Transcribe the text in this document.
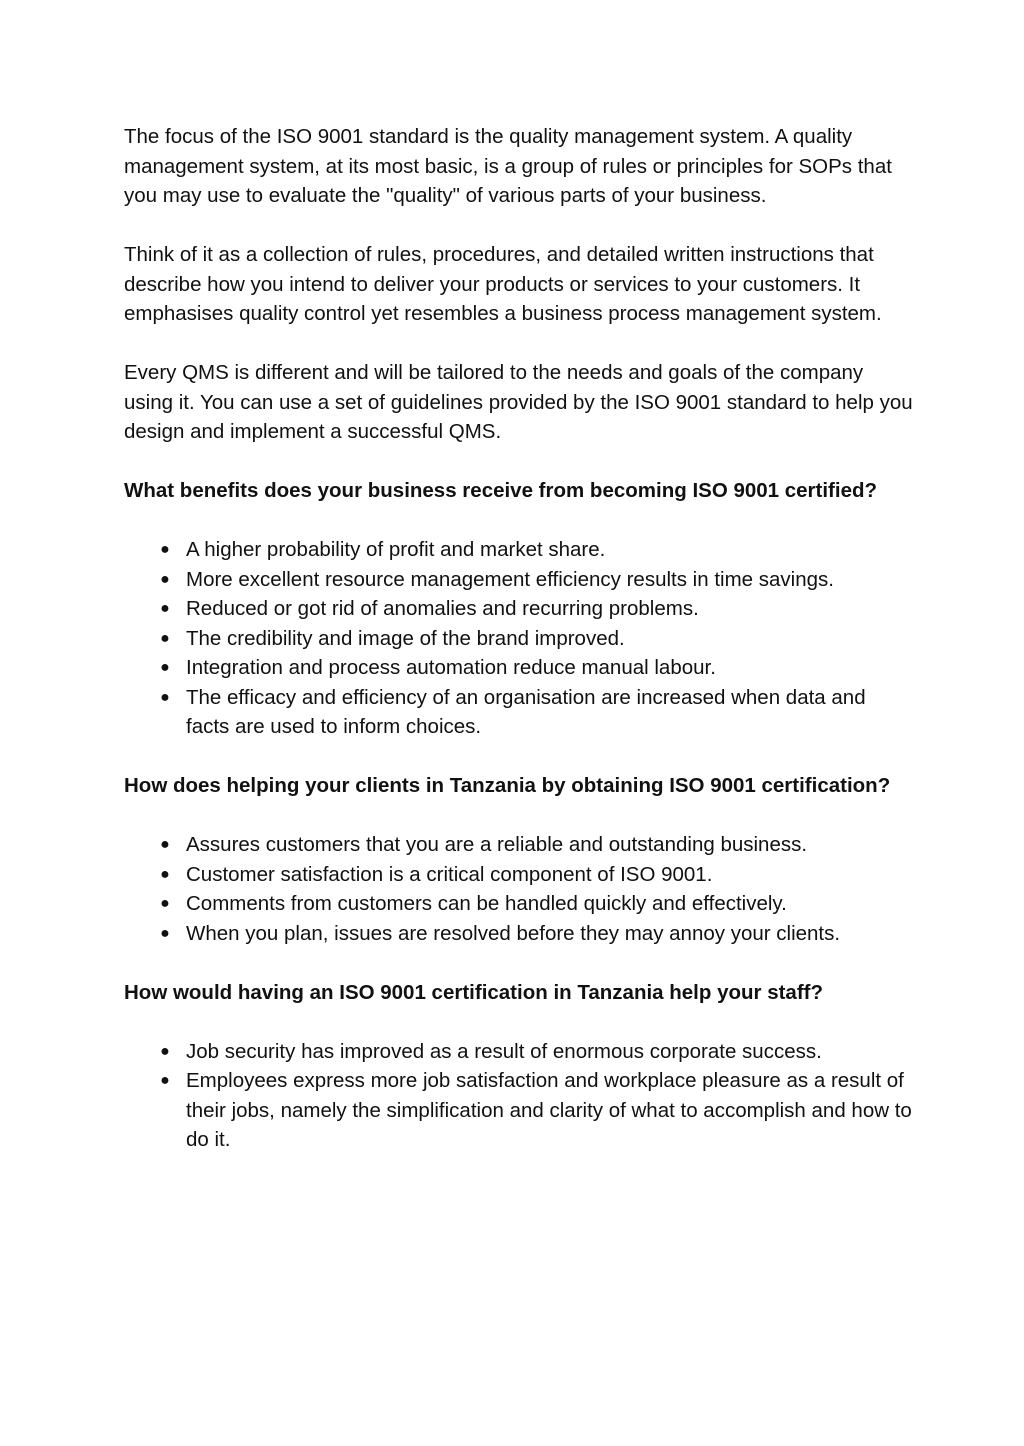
The focus of the ISO 9001 standard is the quality management system. A quality management system, at its most basic, is a group of rules or principles for SOPs that you may use to evaluate the "quality" of various parts of your business.

Think of it as a collection of rules, procedures, and detailed written instructions that describe how you intend to deliver your products or services to your customers. It emphasises quality control yet resembles a business process management system.

Every QMS is different and will be tailored to the needs and goals of the company using it. You can use a set of guidelines provided by the ISO 9001 standard to help you design and implement a successful QMS.

What benefits does your business receive from becoming ISO 9001 certified?
● A higher probability of profit and market share.
● More excellent resource management efficiency results in time savings.
● Reduced or got rid of anomalies and recurring problems.
● The credibility and image of the brand improved.
● Integration and process automation reduce manual labour.
● The efficacy and efficiency of an organisation are increased when data and facts are used to inform choices.
How does helping your clients in Tanzania by obtaining ISO 9001 certification?
● Assures customers that you are a reliable and outstanding business.
● Customer satisfaction is a critical component of ISO 9001.
● Comments from customers can be handled quickly and effectively.
● When you plan, issues are resolved before they may annoy your clients.
How would having an ISO 9001 certification in Tanzania help your staff?
● Job security has improved as a result of enormous corporate success.
● Employees express more job satisfaction and workplace pleasure as a result of their jobs, namely the simplification and clarity of what to accomplish and how to do it.
